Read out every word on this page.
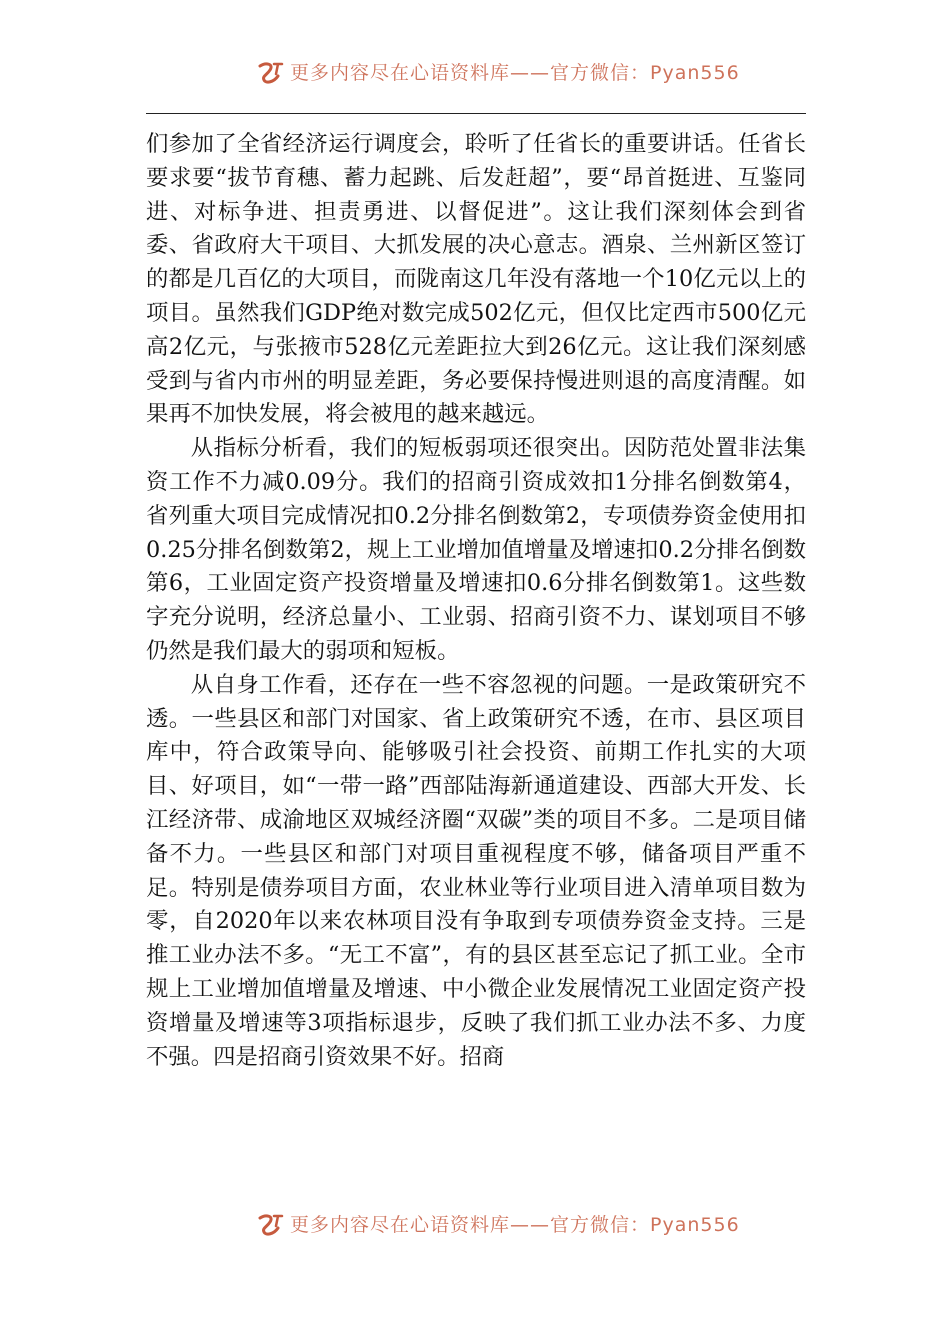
更多内容尽在心语资料库——官方微信：Pyan556

们参加了全省经济运行调度会，聆听了任省长的重要讲话。任省长要求要“拔节育穗、蓄力起跳、后发赶超”，要“昂首挺进、互鉴同进、对标争进、担责勇进、以督促进”。这让我们深刻体会到省委、省政府大干项目、大抓发展的决心意志。酒泉、兰州新区签订的都是几百亿的大项目，而陇南这几年没有落地一个10亿元以上的项目。虽然我们GDP绝对数完成502亿元，但仅比定西市500亿元高2亿元，与张掖市528亿元差距拉大到26亿元。这让我们深刻感受到与省内市州的明显差距，务必要保持慢进则退的高度清醒。如果再不加快发展，将会被甩的越来越远。

从指标分析看，我们的短板弱项还很突出。因防范处置非法集资工作不力减0.09分。我们的招商引资成效扣1分排名倒数第4，省列重大项目完成情况扣0.2分排名倒数第2，专项债券资金使用扣0.25分排名倒数第2，规上工业增加值增量及增速扣0.2分排名倒数第6，工业固定资产投资增量及增速扣0.6分排名倒数第1。这些数字充分说明，经济总量小、工业弱、招商引资不力、谋划项目不够仍然是我们最大的弱项和短板。

从自身工作看，还存在一些不容忽视的问题。一是政策研究不透。一些县区和部门对国家、省上政策研究不透，在市、县区项目库中，符合政策导向、能够吸引社会投资、前期工作扎实的大项目、好项目，如“一带一路”西部陆海新通道建设、西部大开发、长江经济带、成渝地区双城经济圈“双碳”类的项目不多。二是项目储备不力。一些县区和部门对项目重视程度不够，储备项目严重不足。特别是债券项目方面，农业林业等行业项目进入清单项目数为零，自2020年以来农林项目没有争取到专项债券资金支持。三是推工业办法不多。“无工不富”，有的县区甚至忘记了抓工业。全市规上工业增加值增量及增速、中小微企业发展情况工业固定资产投资增量及增速等3项指标退步，反映了我们抓工业办法不多、力度不强。四是招商引资效果不好。招商

更多内容尽在心语资料库——官方微信：Pyan556
